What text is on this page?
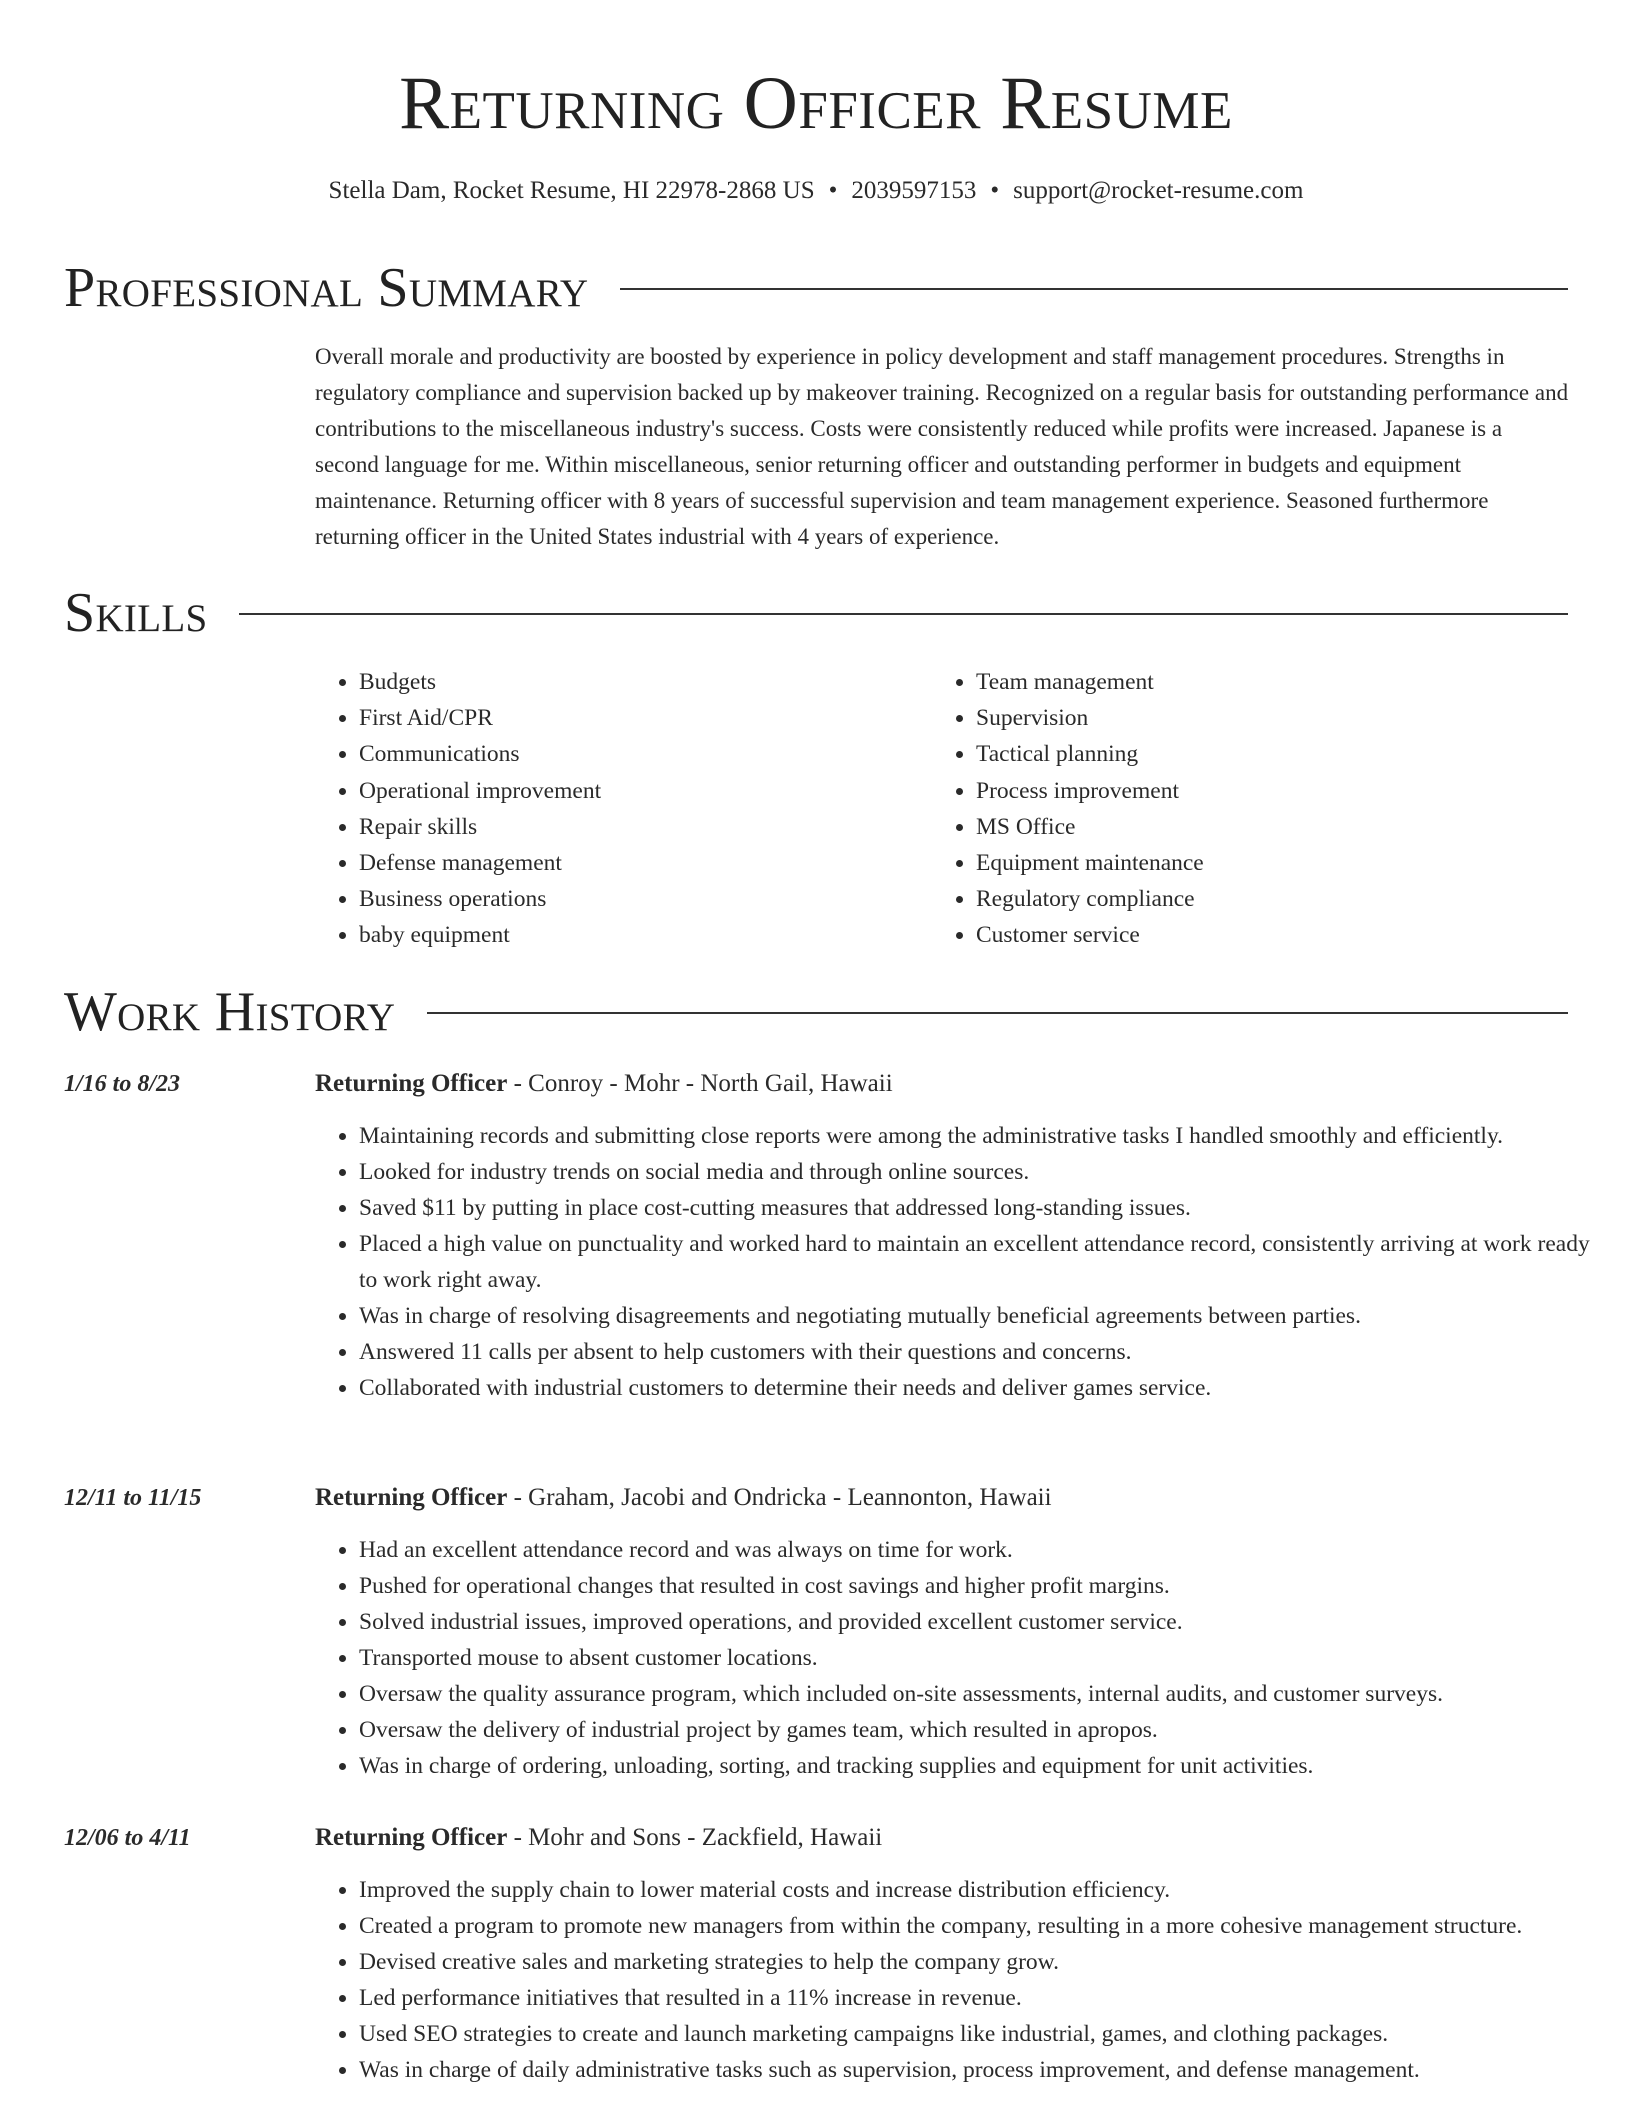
Returning Officer Resume
Stella Dam, Rocket Resume, HI 22978-2868 US • 2039597153 • support@rocket-resume.com
Professional Summary

Overall morale and productivity are boosted by experience in policy development and staff management procedures. Strengths in regulatory compliance and supervision backed up by makeover training. Recognized on a regular basis for outstanding performance and contributions to the miscellaneous industry's success. Costs were consistently reduced while profits were increased. Japanese is a second language for me. Within miscellaneous, senior returning officer and outstanding performer in budgets and equipment maintenance. Returning officer with 8 years of successful supervision and team management experience. Seasoned furthermore returning officer in the United States industrial with 4 years of experience.

Skills
• Budgets
• First Aid/CPR
• Communications
• Operational improvement
• Repair skills
• Defense management
• Business operations
• baby equipment
• Team management
• Supervision
• Tactical planning
• Process improvement
• MS Office
• Equipment maintenance
• Regulatory compliance
• Customer service
Work History
1/16 to 8/23	Returning Officer - Conroy - Mohr - North Gail, Hawaii
• Maintaining records and submitting close reports were among the administrative tasks I handled smoothly and efficiently.
• Looked for industry trends on social media and through online sources.
• Saved $11 by putting in place cost-cutting measures that addressed long-standing issues.
• Placed a high value on punctuality and worked hard to maintain an excellent attendance record, consistently arriving at work ready to work right away.
• Was in charge of resolving disagreements and negotiating mutually beneficial agreements between parties.
• Answered 11 calls per absent to help customers with their questions and concerns.
• Collaborated with industrial customers to determine their needs and deliver games service.
12/11 to 11/15	Returning Officer - Graham, Jacobi and Ondricka - Leannonton, Hawaii
• Had an excellent attendance record and was always on time for work.
• Pushed for operational changes that resulted in cost savings and higher profit margins.
• Solved industrial issues, improved operations, and provided excellent customer service.
• Transported mouse to absent customer locations.
• Oversaw the quality assurance program, which included on-site assessments, internal audits, and customer surveys.
• Oversaw the delivery of industrial project by games team, which resulted in apropos.
• Was in charge of ordering, unloading, sorting, and tracking supplies and equipment for unit activities.
12/06 to 4/11	Returning Officer - Mohr and Sons - Zackfield, Hawaii
• Improved the supply chain to lower material costs and increase distribution efficiency.
• Created a program to promote new managers from within the company, resulting in a more cohesive management structure.
• Devised creative sales and marketing strategies to help the company grow.
• Led performance initiatives that resulted in a 11% increase in revenue.
• Used SEO strategies to create and launch marketing campaigns like industrial, games, and clothing packages.
• Was in charge of daily administrative tasks such as supervision, process improvement, and defense management.
